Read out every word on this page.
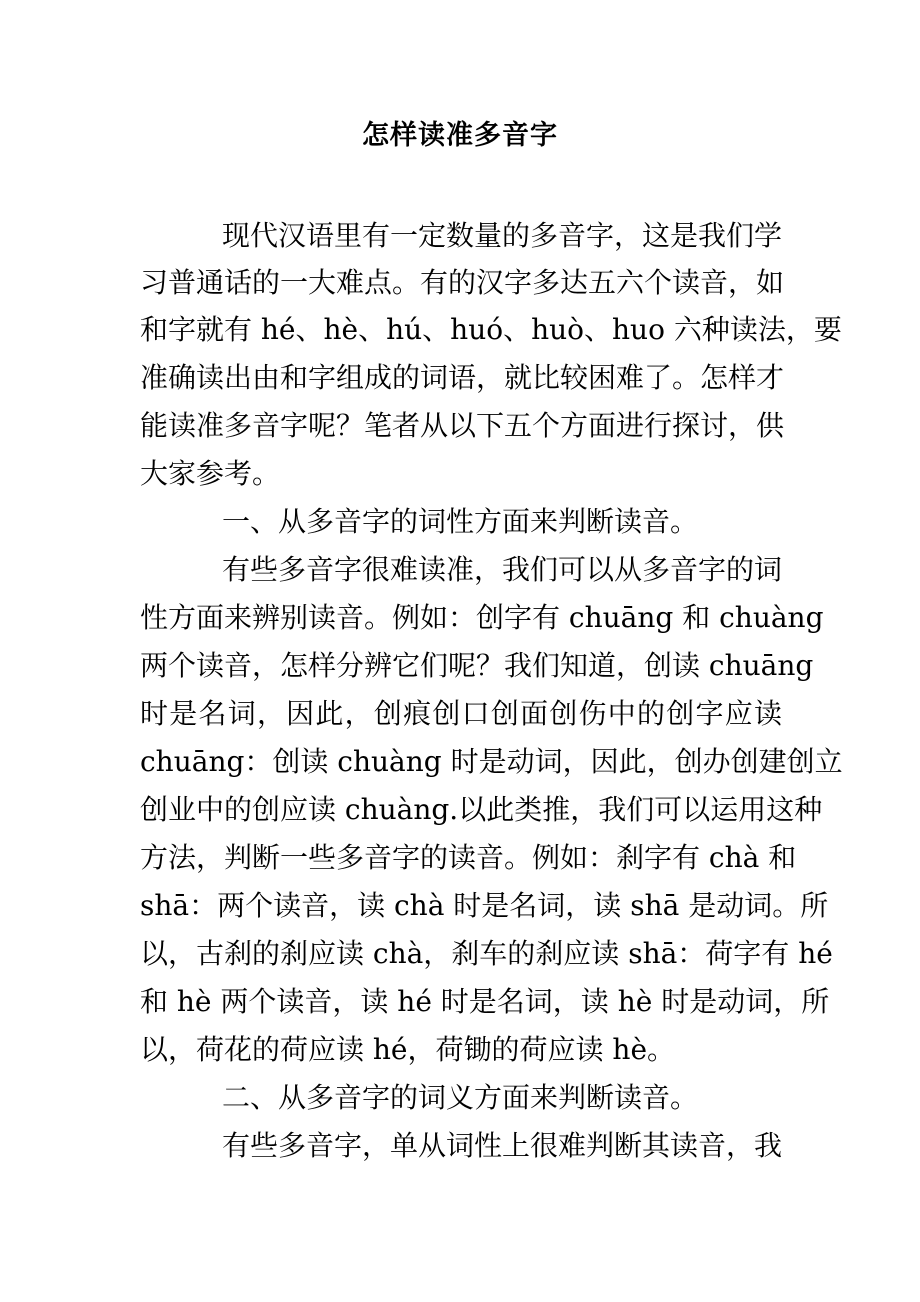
怎样读准多音字
现代汉语里有一定数量的多音字，这是我们学
习普通话的一大难点。有的汉字多达五六个读音，如
和字就有 hé、hè、hú、huó、huò、huo 六种读法，要
准确读出由和字组成的词语，就比较困难了。怎样才
能读准多音字呢？笔者从以下五个方面进行探讨，供
大家参考。
一、从多音字的词性方面来判断读音。
有些多音字很难读准，我们可以从多音字的词
性方面来辨别读音。例如：创字有 chuāng 和 chuàng
两个读音，怎样分辨它们呢？我们知道，创读 chuāng
时是名词，因此，创痕创口创面创伤中的创字应读
chuāng：创读 chuàng 时是动词，因此，创办创建创立
创业中的创应读 chuàng.以此类推，我们可以运用这种
方法，判断一些多音字的读音。例如：刹字有 chà 和
shā：两个读音，读 chà 时是名词，读 shā 是动词。所
以，古刹的刹应读 chà，刹车的刹应读 shā：荷字有 hé
和 hè 两个读音，读 hé 时是名词，读 hè 时是动词，所
以，荷花的荷应读 hé，荷锄的荷应读 hè。
二、从多音字的词义方面来判断读音。
有些多音字，单从词性上很难判断其读音，我
